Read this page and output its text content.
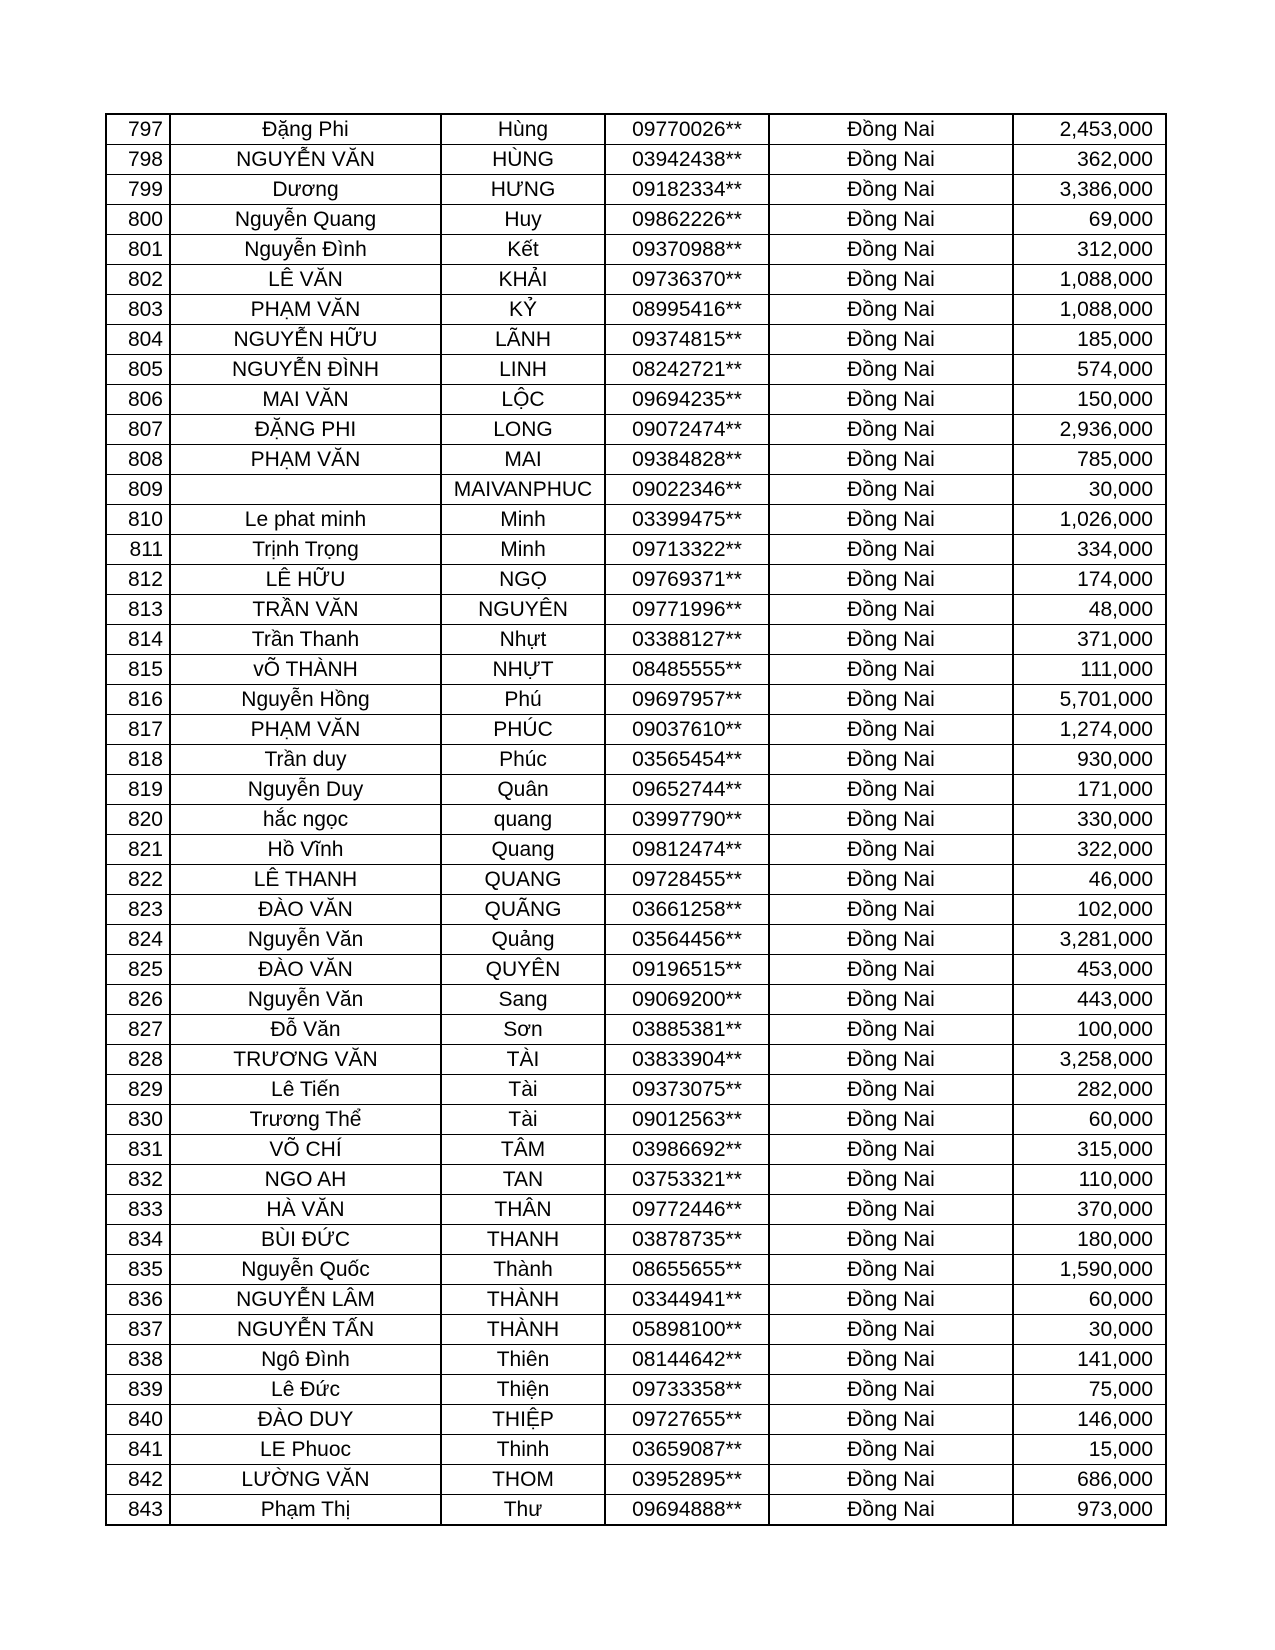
797	Đặng Phi	Hùng	09770026**	Đồng Nai	2,453,000
798	NGUYỄN VĂN	HÙNG	03942438**	Đồng Nai	362,000
799	Dương	HƯNG	09182334**	Đồng Nai	3,386,000
800	Nguyễn Quang	Huy	09862226**	Đồng Nai	69,000
801	Nguyễn Đình	Kết	09370988**	Đồng Nai	312,000
802	LÊ VĂN	KHẢI	09736370**	Đồng Nai	1,088,000
803	PHẠM VĂN	KỶ	08995416**	Đồng Nai	1,088,000
804	NGUYỄN HỮU	LÃNH	09374815**	Đồng Nai	185,000
805	NGUYỄN ĐÌNH	LINH	08242721**	Đồng Nai	574,000
806	MAI VĂN	LỘC	09694235**	Đồng Nai	150,000
807	ĐẶNG PHI	LONG	09072474**	Đồng Nai	2,936,000
808	PHẠM VĂN	MAI	09384828**	Đồng Nai	785,000
809		MAIVANPHUC	09022346**	Đồng Nai	30,000
810	Le phat minh	Minh	03399475**	Đồng Nai	1,026,000
811	Trịnh Trọng	Minh	09713322**	Đồng Nai	334,000
812	LÊ HỮU	NGỌ	09769371**	Đồng Nai	174,000
813	TRẦN VĂN	NGUYÊN	09771996**	Đồng Nai	48,000
814	Trần Thanh	Nhựt	03388127**	Đồng Nai	371,000
815	vÕ THÀNH	NHỰT	08485555**	Đồng Nai	111,000
816	Nguyễn Hồng	Phú	09697957**	Đồng Nai	5,701,000
817	PHẠM VĂN	PHÚC	09037610**	Đồng Nai	1,274,000
818	Trần duy	Phúc	03565454**	Đồng Nai	930,000
819	Nguyễn Duy	Quân	09652744**	Đồng Nai	171,000
820	hắc ngọc	quang	03997790**	Đồng Nai	330,000
821	Hồ Vĩnh	Quang	09812474**	Đồng Nai	322,000
822	LÊ THANH	QUANG	09728455**	Đồng Nai	46,000
823	ĐÀO VĂN	QUÃNG	03661258**	Đồng Nai	102,000
824	Nguyễn Văn	Quảng	03564456**	Đồng Nai	3,281,000
825	ĐÀO VĂN	QUYÊN	09196515**	Đồng Nai	453,000
826	Nguyễn Văn	Sang	09069200**	Đồng Nai	443,000
827	Đỗ Văn	Sơn	03885381**	Đồng Nai	100,000
828	TRƯƠNG VĂN	TÀI	03833904**	Đồng Nai	3,258,000
829	Lê Tiến	Tài	09373075**	Đồng Nai	282,000
830	Trương Thể	Tài	09012563**	Đồng Nai	60,000
831	VÕ CHÍ	TÂM	03986692**	Đồng Nai	315,000
832	NGO AH	TAN	03753321**	Đồng Nai	110,000
833	HÀ VĂN	THÂN	09772446**	Đồng Nai	370,000
834	BÙI ĐỨC	THANH	03878735**	Đồng Nai	180,000
835	Nguyễn Quốc	Thành	08655655**	Đồng Nai	1,590,000
836	NGUYỄN LÂM	THÀNH	03344941**	Đồng Nai	60,000
837	NGUYỄN TẤN	THÀNH	05898100**	Đồng Nai	30,000
838	Ngô Đình	Thiên	08144642**	Đồng Nai	141,000
839	Lê Đức	Thiện	09733358**	Đồng Nai	75,000
840	ĐÀO DUY	THIỆP	09727655**	Đồng Nai	146,000
841	LE Phuoc	Thinh	03659087**	Đồng Nai	15,000
842	LƯỜNG VĂN	THOM	03952895**	Đồng Nai	686,000
843	Phạm Thị	Thư	09694888**	Đồng Nai	973,000
